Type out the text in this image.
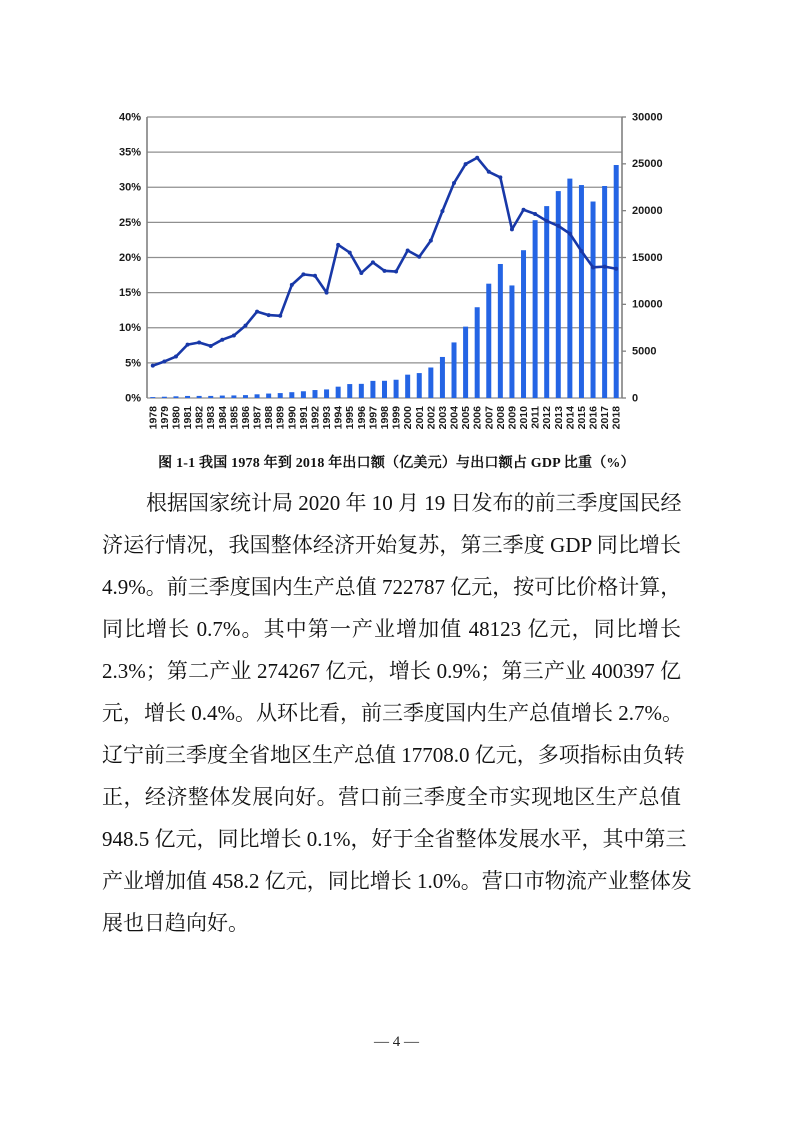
0%
5%
10%
15%
20%
25%
30%
35%
40%
0
5000
10000
15000
20000
25000
30000
1978 1979 1980 1981 1982 1983 1984 1985 1986 1987 1988 1989 1990 1991 1992 1993 1994 1995 1996 1997 1998 1999 2000 2001 2002 2003 2004 2005 2006 2007 2008 2009 2010 2011 2012 2013 2014 2015 2016 2017 2018
图 1-1 我国 1978 年到 2018 年出口额（亿美元）与出口额占 GDP 比重（%）
根据国家统计局 2020 年 10 月 19 日发布的前三季度国民经
济运行情况，我国整体经济开始复苏，第三季度 GDP 同比增长
4.9%。前三季度国内生产总值 722787 亿元，按可比价格计算，
同比增长 0.7%。其中第一产业增加值 48123 亿元，同比增长
2.3%；第二产业 274267 亿元，增长 0.9%；第三产业 400397 亿
元，增长 0.4%。从环比看，前三季度国内生产总值增长 2.7%。
辽宁前三季度全省地区生产总值 17708.0 亿元，多项指标由负转
正，经济整体发展向好。营口前三季度全市实现地区生产总值
948.5 亿元，同比增长 0.1%，好于全省整体发展水平，其中第三
产业增加值 458.2 亿元，同比增长 1.0%。营口市物流产业整体发
展也日趋向好。
— 4 —
